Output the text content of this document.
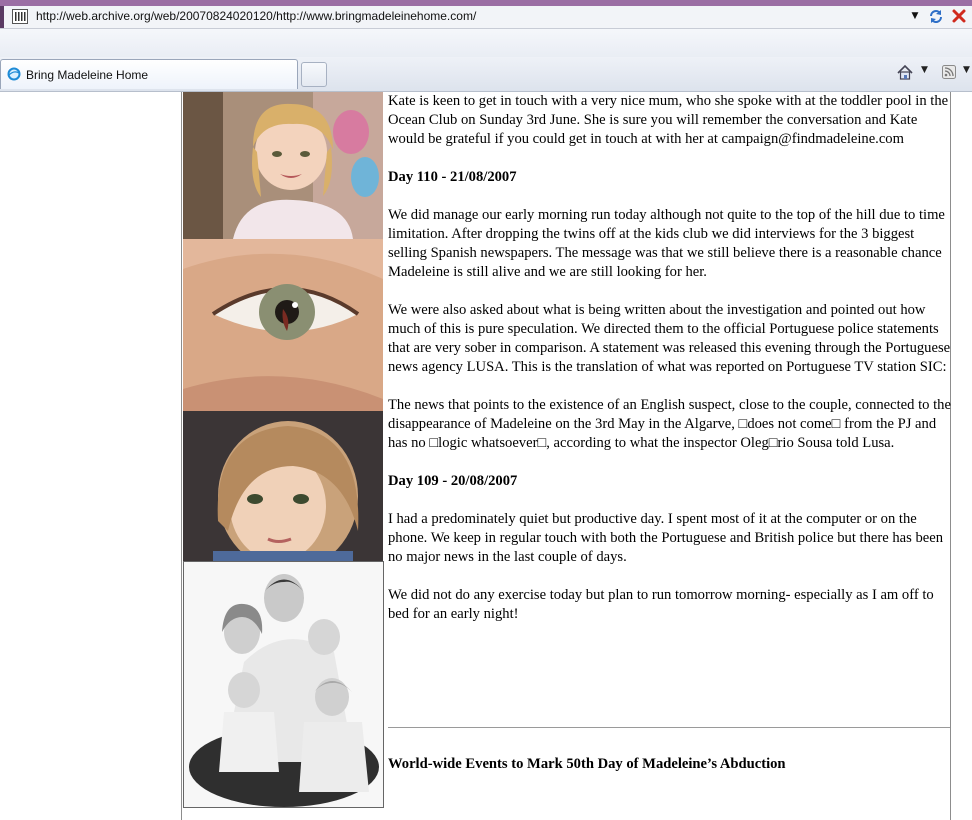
http://web.archive.org/web/20070824020120/http://www.bringmadeleinehome.com/	▼
Bring Madeleine Home	▼	▼

Kate is keen to get in touch with a very nice mum, who she spoke with at the toddler pool in the Ocean Club on Sunday 3rd June. She is sure you will remember the conversation and Kate would be grateful if you could get in touch at with her at campaign@findmadeleine.com

Day 110 - 21/08/2007

We did manage our early morning run today although not quite to the top of the hill due to time limitation. After dropping the twins off at the kids club we did interviews for the 3 biggest selling Spanish newspapers. The message was that we still believe there is a reasonable chance Madeleine is still alive and we are still looking for her.

We were also asked about what is being written about the investigation and pointed out how much of this is pure speculation. We directed them to the official Portuguese police statements that are very sober in comparison. A statement was released this evening through the Portuguese news agency LUSA. This is the translation of what was reported on Portuguese TV station SIC:

The news that points to the existence of an English suspect, close to the couple, connected to the disappearance of Madeleine on the 3rd May in the Algarve, □does not come□ from the PJ and has no □logic whatsoever□, according to what the inspector Oleg□rio Sousa told Lusa.

Day 109 - 20/08/2007

I had a predominately quiet but productive day. I spent most of it at the computer or on the phone. We keep in regular touch with both the Portuguese and British police but there has been no major news in the last couple of days.

We did not do any exercise today but plan to run tomorrow morning- especially as I am off to bed for an early night!

World-wide Events to Mark 50th Day of Madeleine’s Abduction
